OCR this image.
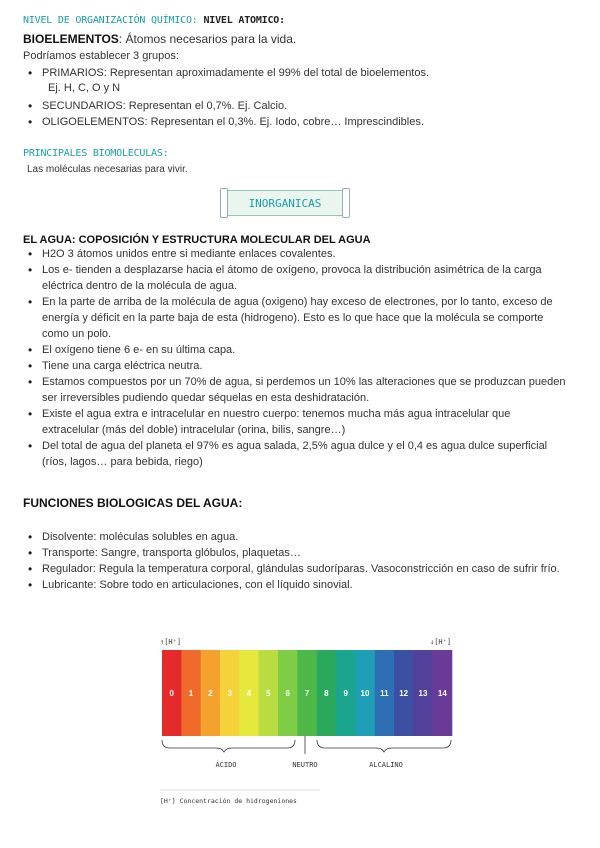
NIVEL DE ORGANIZACIÓN QUÍMICO: NIVEL ATOMICO:
BIOELEMENTOS: Átomos necesarios para la vida.
Podríamos establecer 3 grupos:
• PRIMARIOS: Representan aproximadamente el 99% del total de bioelementos.
Ej. H, C, O y N
• SECUNDARIOS: Representan el 0,7%. Ej. Calcio.
• OLIGOELEMENTOS: Representan el 0,3%. Ej. Iodo, cobre… Imprescindibles.
PRINCIPALES BIOMOLECULAS:
Las moléculas necesarias para vivir.
INORGANICAS
EL AGUA: COPOSICIÓN Y ESTRUCTURA MOLECULAR DEL AGUA
• H2O 3 átomos unidos entre si mediante enlaces covalentes.
• Los e- tienden a desplazarse hacia el átomo de oxígeno, provoca la distribución asimétrica de la carga eléctrica dentro de la molécula de agua.
• En la parte de arriba de la molécula de agua (oxigeno) hay exceso de electrones, por lo tanto, exceso de energía y déficit en la parte baja de esta (hidrogeno). Esto es lo que hace que la molécula se comporte como un polo.
• El oxígeno tiene 6 e- en su última capa.
• Tiene una carga eléctrica neutra.
• Estamos compuestos por un 70% de agua, si perdemos un 10% las alteraciones que se produzcan pueden ser irreversibles pudiendo quedar séquelas en esta deshidratación.
• Existe el agua extra e intracelular en nuestro cuerpo: tenemos mucha más agua intracelular que extracelular (más del doble) intracelular (orina, bilis, sangre…)
• Del total de agua del planeta el 97% es agua salada, 2,5% agua dulce y el 0,4 es agua dulce superficial (ríos, lagos… para bebida, riego)
FUNCIONES BIOLOGICAS DEL AGUA:
• Disolvente: moléculas solubles en agua.
• Transporte: Sangre, transporta glóbulos, plaquetas…
• Regulador: Regula la temperatura corporal, glándulas sudoríparas. Vasoconstricción en caso de sufrir frío.
• Lubricante: Sobre todo en articulaciones, con el líquido sinovial.
↑[H⁺]	↓[H⁺]
0 1 2 3 4 5 6 7 8 9 10 11 12 13 14
ÁCIDO	NEUTRO	ALCALINO
[H⁺] Concentración de hidrogeniones
